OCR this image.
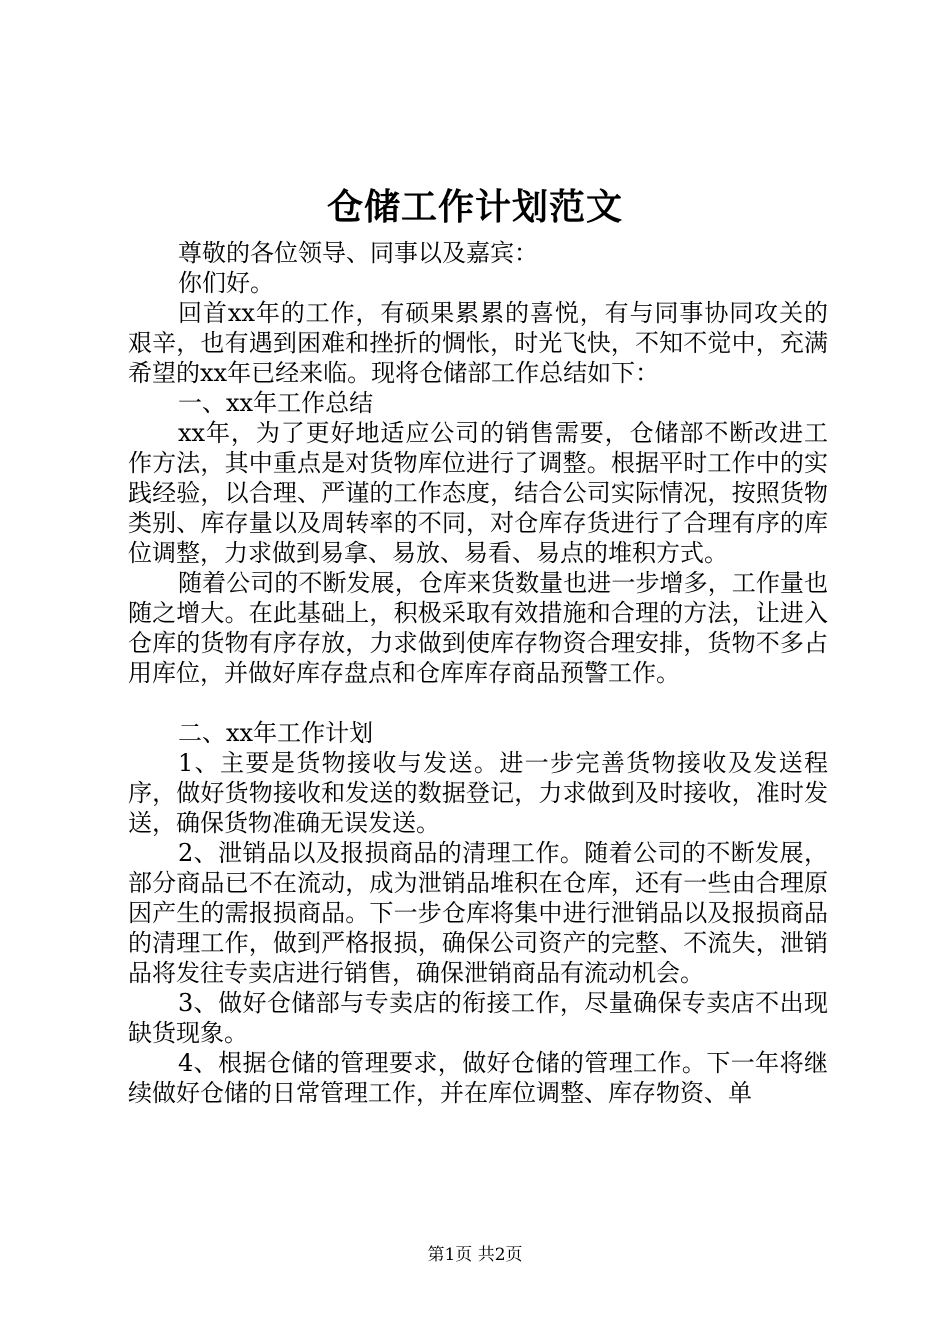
仓储工作计划范文

尊敬的各位领导、同事以及嘉宾：

你们好。

回首xx年的工作，有硕果累累的喜悦，有与同事协同攻关的艰辛，也有遇到困难和挫折的惆怅，时光飞快，不知不觉中，充满希望的xx年已经来临。现将仓储部工作总结如下：

一、xx年工作总结

xx年，为了更好地适应公司的销售需要，仓储部不断改进工作方法，其中重点是对货物库位进行了调整。根据平时工作中的实践经验，以合理、严谨的工作态度，结合公司实际情况，按照货物类别、库存量以及周转率的不同，对仓库存货进行了合理有序的库位调整，力求做到易拿、易放、易看、易点的堆积方式。

随着公司的不断发展，仓库来货数量也进一步增多，工作量也随之增大。在此基础上，积极采取有效措施和合理的方法，让进入仓库的货物有序存放，力求做到使库存物资合理安排，货物不多占用库位，并做好库存盘点和仓库库存商品预警工作。

二、xx年工作计划

1、主要是货物接收与发送。进一步完善货物接收及发送程序，做好货物接收和发送的数据登记，力求做到及时接收，准时发送，确保货物准确无误发送。

2、泄销品以及报损商品的清理工作。随着公司的不断发展，部分商品已不在流动，成为泄销品堆积在仓库，还有一些由合理原因产生的需报损商品。下一步仓库将集中进行泄销品以及报损商品的清理工作，做到严格报损，确保公司资产的完整、不流失，泄销品将发往专卖店进行销售，确保泄销商品有流动机会。

3、做好仓储部与专卖店的衔接工作，尽量确保专卖店不出现缺货现象。

4、根据仓储的管理要求，做好仓储的管理工作。下一年将继续做好仓储的日常管理工作，并在库位调整、库存物资、单

第1页 共2页
